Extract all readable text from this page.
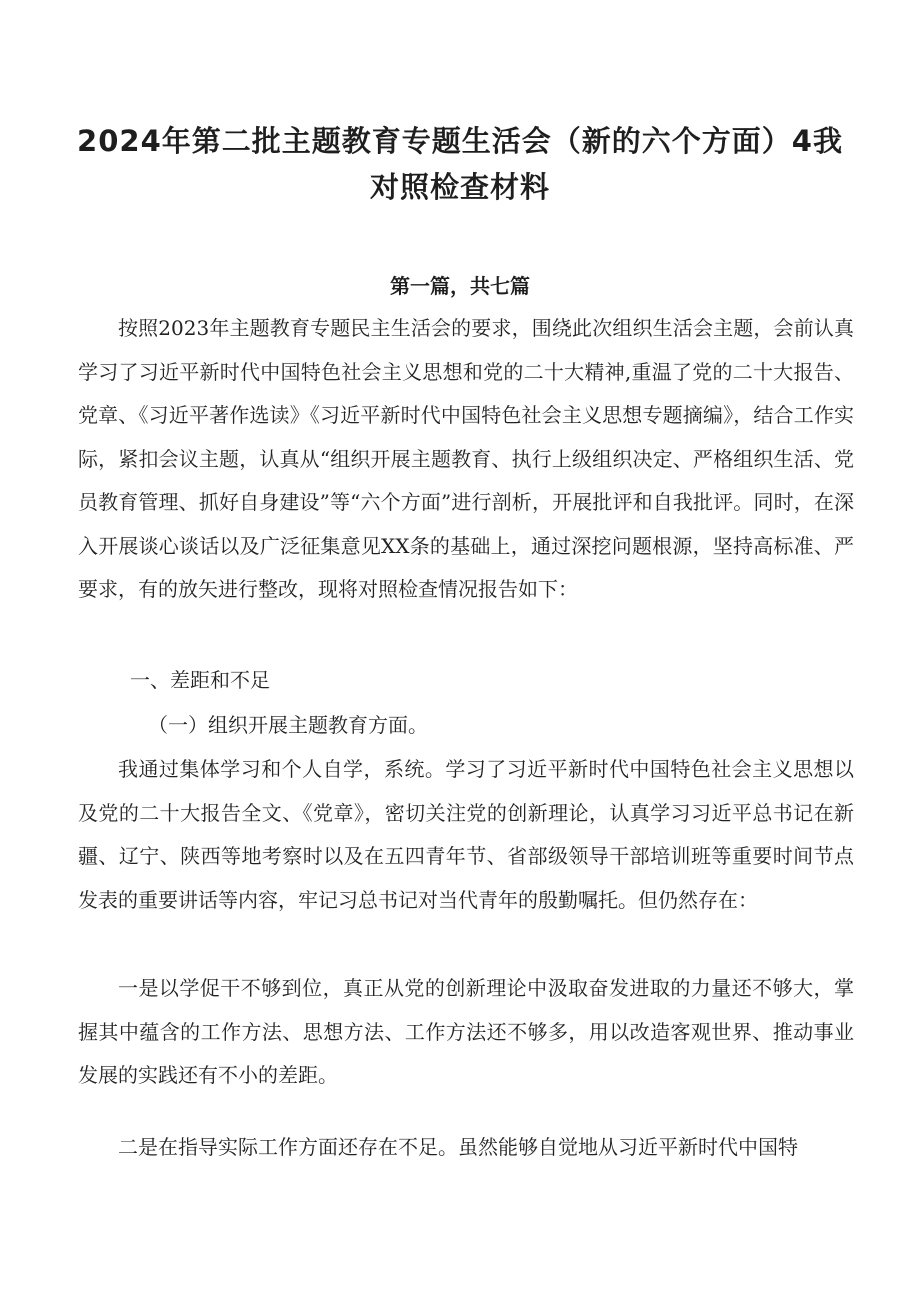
2024年第二批主题教育专题生活会（新的六个方面）4我对照检查材料
第一篇，共七篇

按照2023年主题教育专题民主生活会的要求，围绕此次组织生活会主题，会前认真学习了习近平新时代中国特色社会主义思想和党的二十大精神,重温了党的二十大报告、党章、《习近平著作选读》《习近平新时代中国特色社会主义思想专题摘编》，结合工作实际，紧扣会议主题，认真从“组织开展主题教育、执行上级组织决定、严格组织生活、党员教育管理、抓好自身建设”等“六个方面”进行剖析，开展批评和自我批评。同时，在深入开展谈心谈话以及广泛征集意见XX条的基础上，通过深挖问题根源，坚持高标准、严要求，有的放矢进行整改，现将对照检查情况报告如下：

一、差距和不足
（一）组织开展主题教育方面。

我通过集体学习和个人自学，系统。学习了习近平新时代中国特色社会主义思想以及党的二十大报告全文、《党章》，密切关注党的创新理论，认真学习习近平总书记在新疆、辽宁、陕西等地考察时以及在五四青年节、省部级领导干部培训班等重要时间节点发表的重要讲话等内容，牢记习总书记对当代青年的殷勤嘱托。但仍然存在：

一是以学促干不够到位，真正从党的创新理论中汲取奋发进取的力量还不够大，掌握其中蕴含的工作方法、思想方法、工作方法还不够多，用以改造客观世界、推动事业发展的实践还有不小的差距。

二是在指导实际工作方面还存在不足。虽然能够自觉地从习近平新时代中国特
